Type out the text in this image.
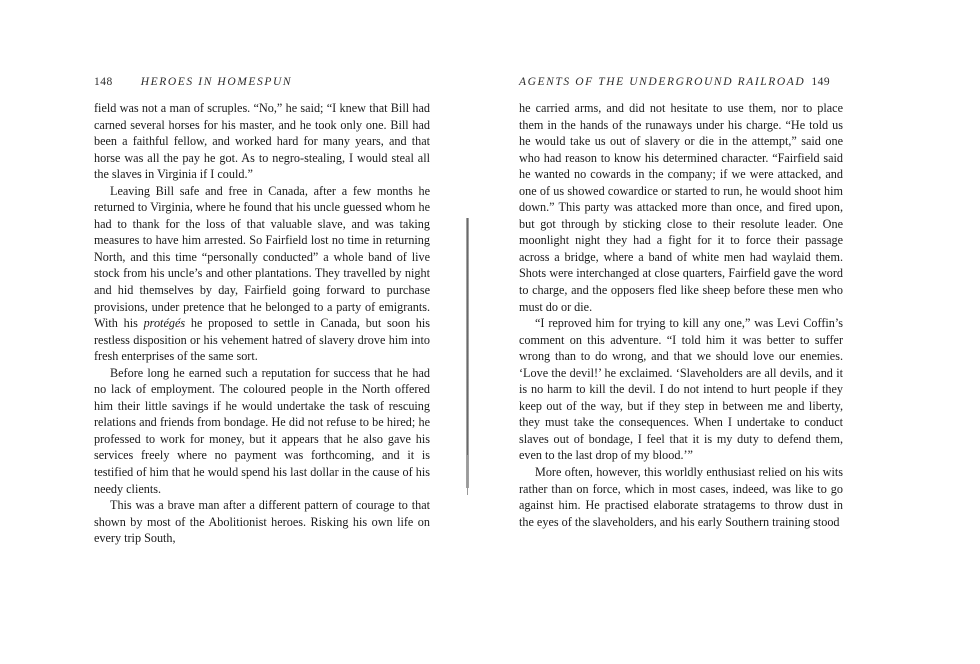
148 HEROES IN HOMESPUN

field was not a man of scruples. “No,” he said; “I knew that Bill had carned several horses for his master, and he took only one. Bill had been a faithful fellow, and worked hard for many years, and that horse was all the pay he got. As to negro-stealing, I would steal all the slaves in Virginia if I could.”

Leaving Bill safe and free in Canada, after a few months he returned to Virginia, where he found that his uncle guessed whom he had to thank for the loss of that valuable slave, and was taking measures to have him arrested. So Fairfield lost no time in returning North, and this time “personally conducted” a whole band of live stock from his uncle’s and other plantations. They travelled by night and hid themselves by day, Fairfield going forward to purchase provisions, under pretence that he belonged to a party of emigrants. With his protégés he proposed to settle in Canada, but soon his restless disposition or his vehement hatred of slavery drove him into fresh enterprises of the same sort.

Before long he earned such a reputation for success that he had no lack of employment. The coloured people in the North offered him their little savings if he would undertake the task of rescuing relations and friends from bondage. He did not refuse to be hired; he professed to work for money, but it appears that he also gave his services freely where no payment was forthcoming, and it is testified of him that he would spend his last dollar in the cause of his needy clients.

This was a brave man after a different pattern of courage to that shown by most of the Abolitionist heroes. Risking his own life on every trip South,

AGENTS OF THE UNDERGROUND RAILROAD 149

he carried arms, and did not hesitate to use them, nor to place them in the hands of the runaways under his charge. “He told us he would take us out of slavery or die in the attempt,” said one who had reason to know his determined character. “Fairfield said he wanted no cowards in the company; if we were attacked, and one of us showed cowardice or started to run, he would shoot him down.” This party was attacked more than once, and fired upon, but got through by sticking close to their resolute leader. One moonlight night they had a fight for it to force their passage across a bridge, where a band of white men had waylaid them. Shots were interchanged at close quarters, Fairfield gave the word to charge, and the opposers fled like sheep before these men who must do or die.

“I reproved him for trying to kill any one,” was Levi Coffin’s comment on this adventure. “I told him it was better to suffer wrong than to do wrong, and that we should love our enemies. ‘Love the devil!’ he exclaimed. ‘Slaveholders are all devils, and it is no harm to kill the devil. I do not intend to hurt people if they keep out of the way, but if they step in between me and liberty, they must take the consequences. When I undertake to conduct slaves out of bondage, I feel that it is my duty to defend them, even to the last drop of my blood.’”

More often, however, this worldly enthusiast relied on his wits rather than on force, which in most cases, indeed, was like to go against him. He practised elaborate stratagems to throw dust in the eyes of the slaveholders, and his early Southern training stood
